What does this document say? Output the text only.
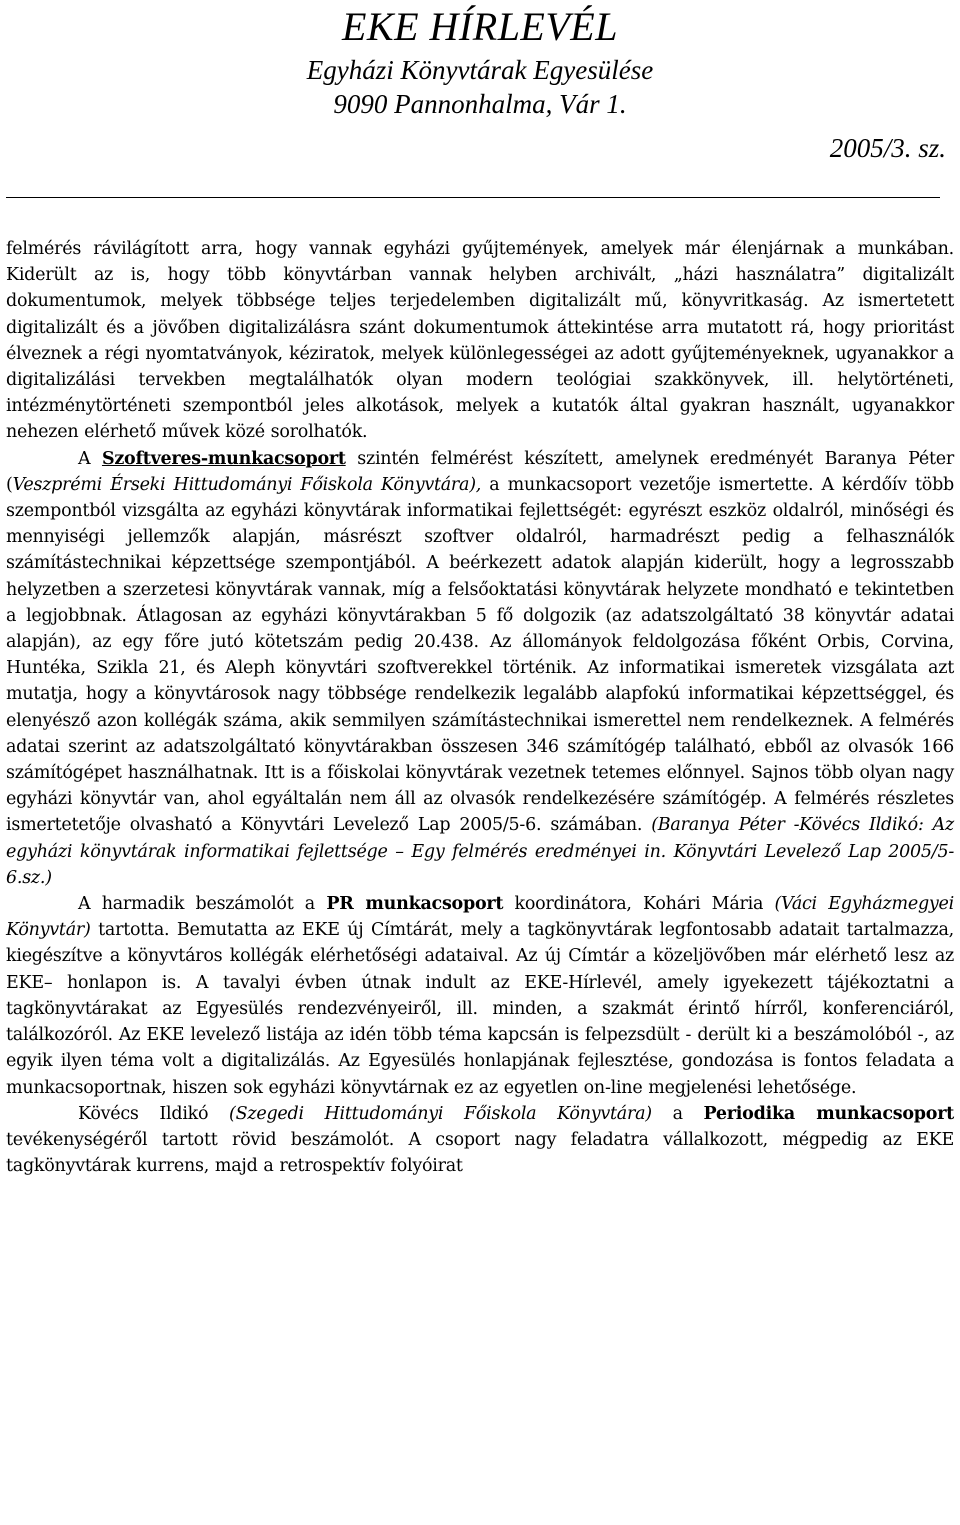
EKE HÍRLEVÉL
Egyházi Könyvtárak Egyesülése
9090 Pannonhalma, Vár 1.
2005/3. sz.

felmérés rávilágított arra, hogy vannak egyházi gyűjtemények, amelyek már élenjárnak a munkában. Kiderült az is, hogy több könyvtárban vannak helyben archivált, „házi használatra” digitalizált dokumentumok, melyek többsége teljes terjedelemben digitalizált mű, könyvritkaság. Az ismertetett digitalizált és a jövőben digitalizálásra szánt dokumentumok áttekintése arra mutatott rá, hogy prioritást élveznek a régi nyomtatványok, kéziratok, melyek különlegességei az adott gyűjteményeknek, ugyanakkor a digitalizálási tervekben megtalálhatók olyan modern teológiai szakkönyvek, ill. helytörténeti, intézménytörténeti szempontból jeles alkotások, melyek a kutatók által gyakran használt, ugyanakkor nehezen elérhető művek közé sorolhatók.

A Szoftveres-munkacsoport szintén felmérést készített, amelynek eredményét Baranya Péter (Veszprémi Érseki Hittudományi Főiskola Könyvtára), a munkacsoport vezetője ismertette. A kérdőív több szempontból vizsgálta az egyházi könyvtárak informatikai fejlettségét: egyrészt eszköz oldalról, minőségi és mennyiségi jellemzők alapján, másrészt szoftver oldalról, harmadrészt pedig a felhasználók számítástechnikai képzettsége szempontjából. A beérkezett adatok alapján kiderült, hogy a legrosszabb helyzetben a szerzetesi könyvtárak vannak, míg a felsőoktatási könyvtárak helyzete mondható e tekintetben a legjobbnak. Átlagosan az egyházi könyvtárakban 5 fő dolgozik (az adatszolgáltató 38 könyvtár adatai alapján), az egy főre jutó kötetszám pedig 20.438. Az állományok feldolgozása főként Orbis, Corvina, Huntéka, Szikla 21, és Aleph könyvtári szoftverekkel történik. Az informatikai ismeretek vizsgálata azt mutatja, hogy a könyvtárosok nagy többsége rendelkezik legalább alapfokú informatikai képzettséggel, és elenyésző azon kollégák száma, akik semmilyen számítástechnikai ismerettel nem rendelkeznek. A felmérés adatai szerint az adatszolgáltató könyvtárakban összesen 346 számítógép található, ebből az olvasók 166 számítógépet használhatnak. Itt is a főiskolai könyvtárak vezetnek tetemes előnnyel. Sajnos több olyan nagy egyházi könyvtár van, ahol egyáltalán nem áll az olvasók rendelkezésére számítógép. A felmérés részletes ismertetetője olvasható a Könyvtári Levelező Lap 2005/5-6. számában. (Baranya Péter -Kövécs Ildikó: Az egyházi könyvtárak informatikai fejlettsége – Egy felmérés eredményei in. Könyvtári Levelező Lap 2005/5-6.sz.)

A harmadik beszámolót a PR munkacsoport koordinátora, Kohári Mária (Váci Egyházmegyei Könyvtár) tartotta. Bemutatta az EKE új Címtárát, mely a tagkönyvtárak legfontosabb adatait tartalmazza, kiegészítve a könyvtáros kollégák elérhetőségi adataival. Az új Címtár a közeljövőben már elérhető lesz az EKE– honlapon is. A tavalyi évben útnak indult az EKE-Hírlevél, amely igyekezett tájékoztatni a tagkönyvtárakat az Egyesülés rendezvényeiről, ill. minden, a szakmát érintő hírről, konferenciáról, találkozóról. Az EKE levelező listája az idén több téma kapcsán is felpezsdült - derült ki a beszámolóból -, az egyik ilyen téma volt a digitalizálás. Az Egyesülés honlapjának fejlesztése, gondozása is fontos feladata a munkacsoportnak, hiszen sok egyházi könyvtárnak ez az egyetlen on-line megjelenési lehetősége.

Kövécs Ildikó (Szegedi Hittudományi Főiskola Könyvtára) a Periodika munkacsoport tevékenységéről tartott rövid beszámolót. A csoport nagy feladatra vállalkozott, mégpedig az EKE tagkönyvtárak kurrens, majd a retrospektív folyóirat
